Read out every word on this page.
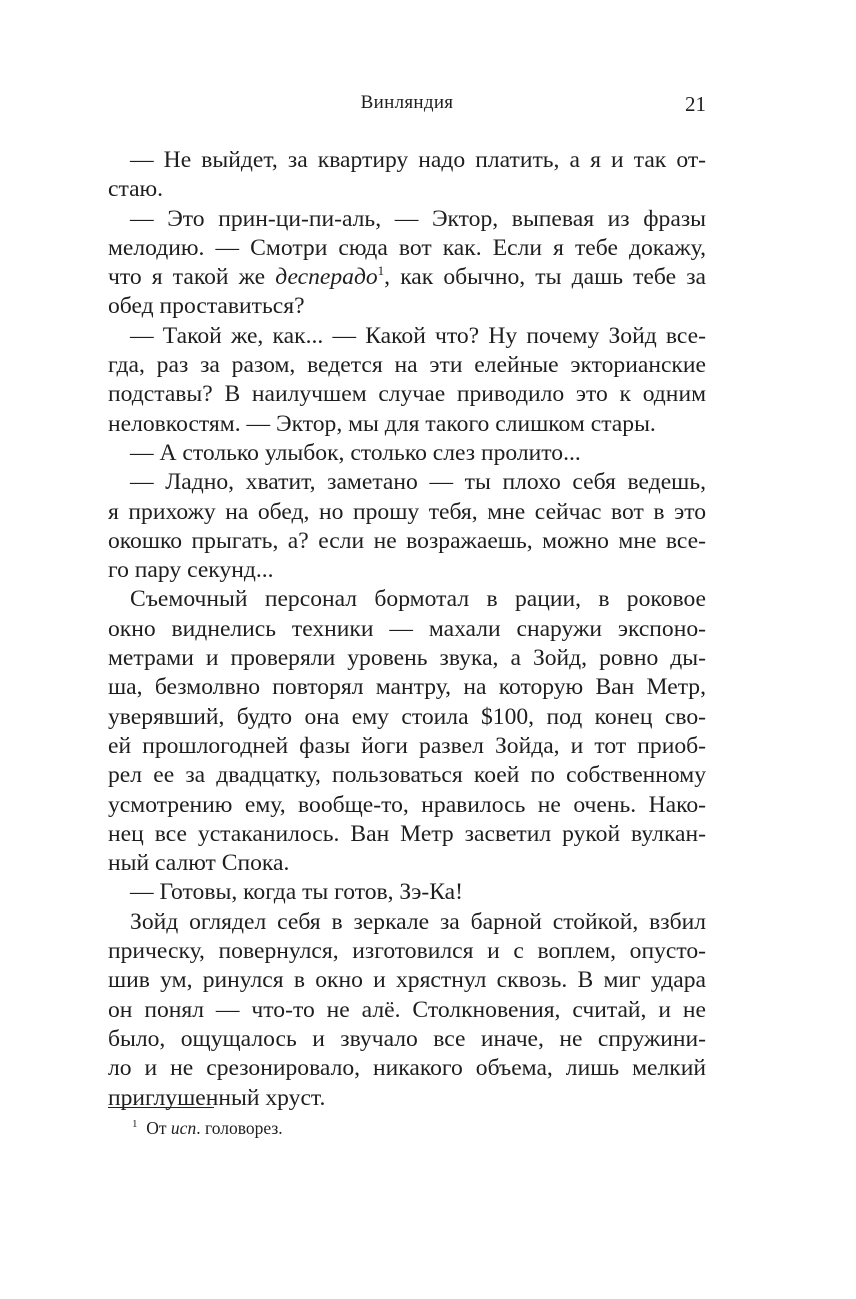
Винляндия	21
— Не выйдет, за квартиру надо платить, а я и так от-
стаю.
— Это прин-ци-пи-аль, — Эктор, выпевая из фразы
мелодию. — Смотри сюда вот как. Если я тебе докажу,
что я такой же десперадо$^1$, как обычно, ты дашь тебе за
обед проставиться?
— Такой же, как... — Какой что? Ну почему Зойд все-
гда, раз за разом, ведется на эти елейные экторианские
подставы? В наилучшем случае приводило это к одним
неловкостям. — Эктор, мы для такого слишком стары.
— А столько улыбок, столько слез пролито...
— Ладно, хватит, заметано — ты плохо себя ведешь,
я прихожу на обед, но прошу тебя, мне сейчас вот в это
окошко прыгать, а? если не возражаешь, можно мне все-
го пару секунд...
Съемочный персонал бормотал в рации, в роковое
окно виднелись техники — махали снаружи экспоно-
метрами и проверяли уровень звука, а Зойд, ровно ды-
ша, безмолвно повторял мантру, на которую Ван Метр,
уверявший, будто она ему стоила $100, под конец сво-
ей прошлогодней фазы йоги развел Зойда, и тот приоб-
рел ее за двадцатку, пользоваться коей по собственному
усмотрению ему, вообще-то, нравилось не очень. Нако-
нец все устаканилось. Ван Метр засветил рукой вулкан-
ный салют Спока.
— Готовы, когда ты готов, Зэ-Ка!
Зойд оглядел себя в зеркале за барной стойкой, взбил
прическу, повернулся, изготовился и с воплем, опусто-
шив ум, ринулся в окно и хрястнул сквозь. В миг удара
он понял — что-то не алё. Столкновения, считай, и не
было, ощущалось и звучало все иначе, не спружини-
ло и не срезонировало, никакого объема, лишь мелкий
приглушенный хруст.
$^1$ От исп. головорез.
